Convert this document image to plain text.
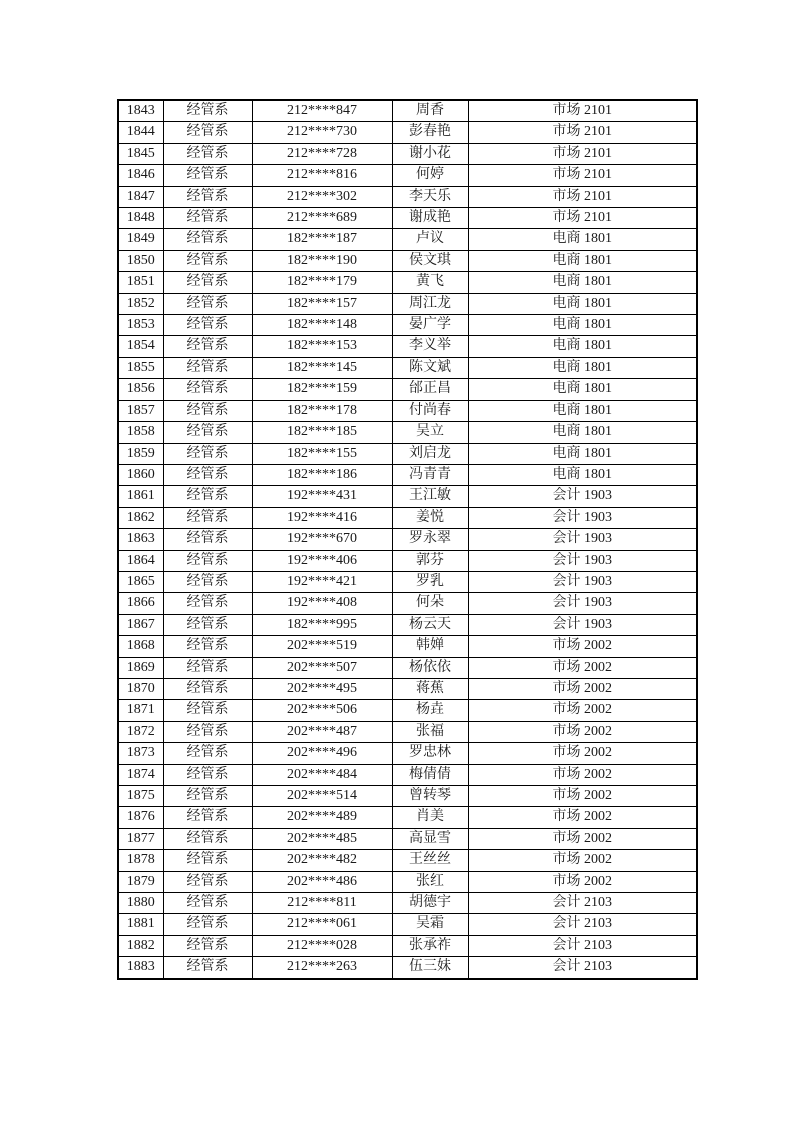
1843	经管系	212****847	周香	市场 2101
1844	经管系	212****730	彭春艳	市场 2101
1845	经管系	212****728	谢小花	市场 2101
1846	经管系	212****816	何婷	市场 2101
1847	经管系	212****302	李天乐	市场 2101
1848	经管系	212****689	谢成艳	市场 2101
1849	经管系	182****187	卢议	电商 1801
1850	经管系	182****190	侯文琪	电商 1801
1851	经管系	182****179	黄飞	电商 1801
1852	经管系	182****157	周江龙	电商 1801
1853	经管系	182****148	晏广学	电商 1801
1854	经管系	182****153	李义举	电商 1801
1855	经管系	182****145	陈文斌	电商 1801
1856	经管系	182****159	邰正昌	电商 1801
1857	经管系	182****178	付尚春	电商 1801
1858	经管系	182****185	吴立	电商 1801
1859	经管系	182****155	刘启龙	电商 1801
1860	经管系	182****186	冯青青	电商 1801
1861	经管系	192****431	王江敏	会计 1903
1862	经管系	192****416	姜悦	会计 1903
1863	经管系	192****670	罗永翠	会计 1903
1864	经管系	192****406	郭芬	会计 1903
1865	经管系	192****421	罗乳	会计 1903
1866	经管系	192****408	何朵	会计 1903
1867	经管系	182****995	杨云天	会计 1903
1868	经管系	202****519	韩婵	市场 2002
1869	经管系	202****507	杨依依	市场 2002
1870	经管系	202****495	蒋蕉	市场 2002
1871	经管系	202****506	杨垚	市场 2002
1872	经管系	202****487	张福	市场 2002
1873	经管系	202****496	罗忠林	市场 2002
1874	经管系	202****484	梅倩倩	市场 2002
1875	经管系	202****514	曾转琴	市场 2002
1876	经管系	202****489	肖美	市场 2002
1877	经管系	202****485	高显雪	市场 2002
1878	经管系	202****482	王丝丝	市场 2002
1879	经管系	202****486	张红	市场 2002
1880	经管系	212****811	胡德宇	会计 2103
1881	经管系	212****061	吴霜	会计 2103
1882	经管系	212****028	张承祚	会计 2103
1883	经管系	212****263	伍三妹	会计 2103
